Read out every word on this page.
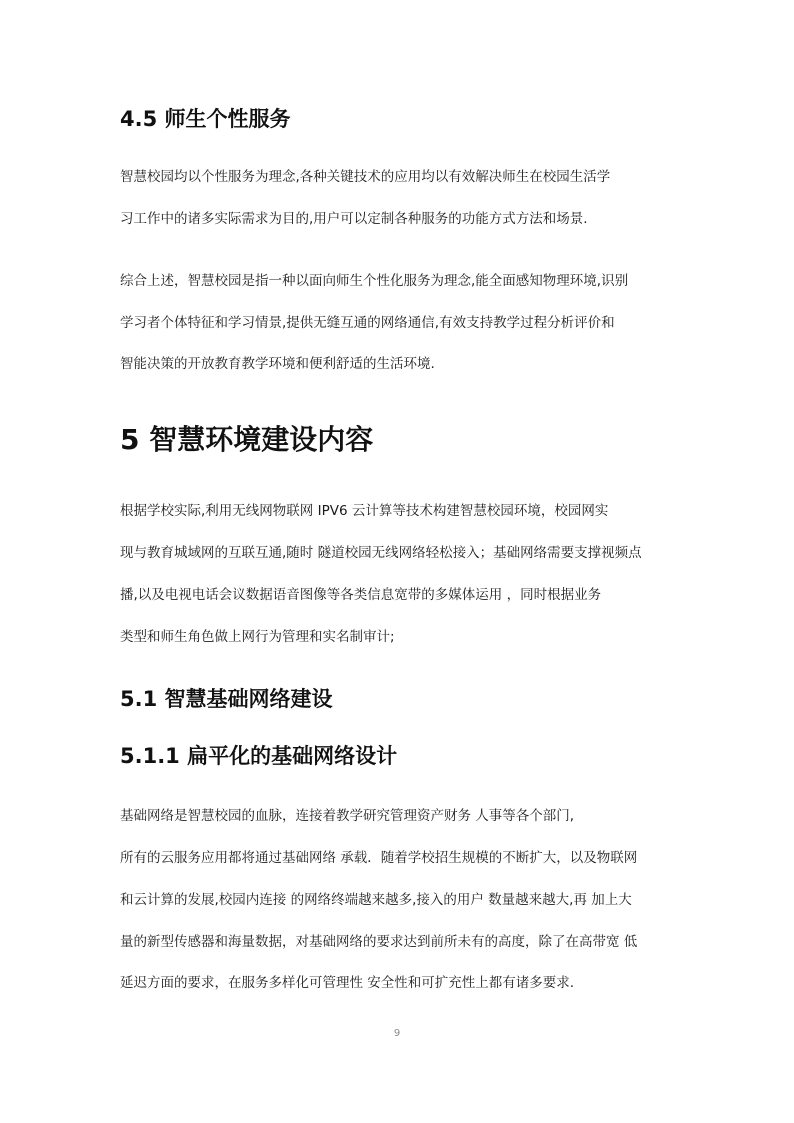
4.5 师生个性服务
智慧校园均以个性服务为理念,各种关键技术的应用均以有效解决师生在校园生活学
习工作中的诸多实际需求为目的,用户可以定制各种服务的功能方式方法和场景.
综合上述，智慧校园是指一种以面向师生个性化服务为理念,能全面感知物理环境,识别
学习者个体特征和学习情景,提供无缝互通的网络通信,有效支持教学过程分析评价和
智能决策的开放教育教学环境和便利舒适的生活环境.
5 智慧环境建设内容
根据学校实际,利用无线网物联网 IPV6 云计算等技术构建智慧校园环境，校园网实
现与教育城域网的互联互通,随时 隧道校园无线网络轻松接入；基础网络需要支撑视频点
播,以及电视电话会议数据语音图像等各类信息宽带的多媒体运用 ，同时根据业务
类型和师生角色做上网行为管理和实名制审计;
5.1 智慧基础网络建设
5.1.1 扁平化的基础网络设计
基础网络是智慧校园的血脉，连接着教学研究管理资产财务 人事等各个部门,
所有的云服务应用都将通过基础网络 承载．随着学校招生规模的不断扩大，以及物联网
和云计算的发展,校园内连接 的网络终端越来越多,接入的用户 数量越来越大,再 加上大
量的新型传感器和海量数据，对基础网络的要求达到前所未有的高度，除了在高带宽 低
延迟方面的要求，在服务多样化可管理性 安全性和可扩充性上都有诸多要求.
9
